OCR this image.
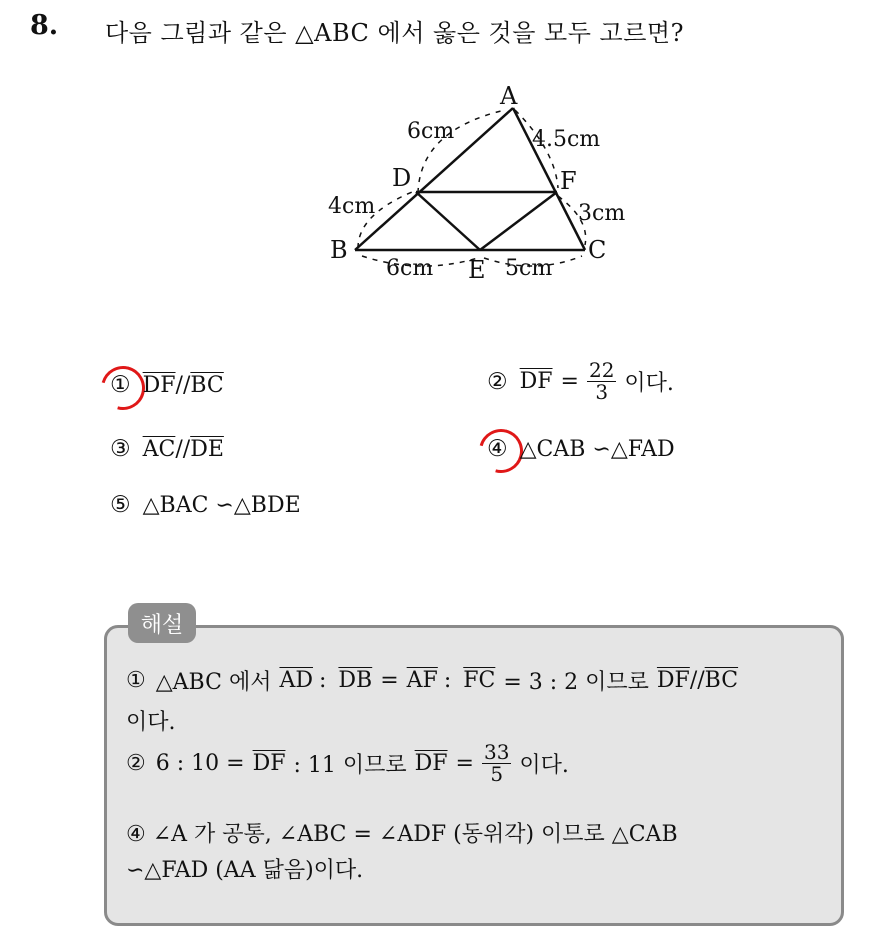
8. 다음 그림과 같은 △ABC 에서 옳은 것을 모두 고르면?
A
D	F
B	C
E
6cm	4.5cm
4cm	3cm
6cm	5cm
① $\overline{DF} // \overline{BC}$	② $\overline{DF} = \frac{22}{3}$ 이다.
③ $\overline{AC} // \overline{DE}$	④ △CAB ∽△FAD
⑤ △BAC ∽△BDE
해설
① △ABC 에서 $\overline{AD}$ : $\overline{DB} = \overline{AF}$ : $\overline{FC} = 3$ : 2 이므로 $\overline{DF} // \overline{BC}$
이다.
② 6 : $10 = \overline{DF}$ : 11 이므로 $\overline{DF} = \frac{33}{5}$ 이다.
④ ∠A 가 공통, ∠ABC = ∠ADF (동위각) 이므로 △CAB
∽△FAD (AA 닮음)이다.
